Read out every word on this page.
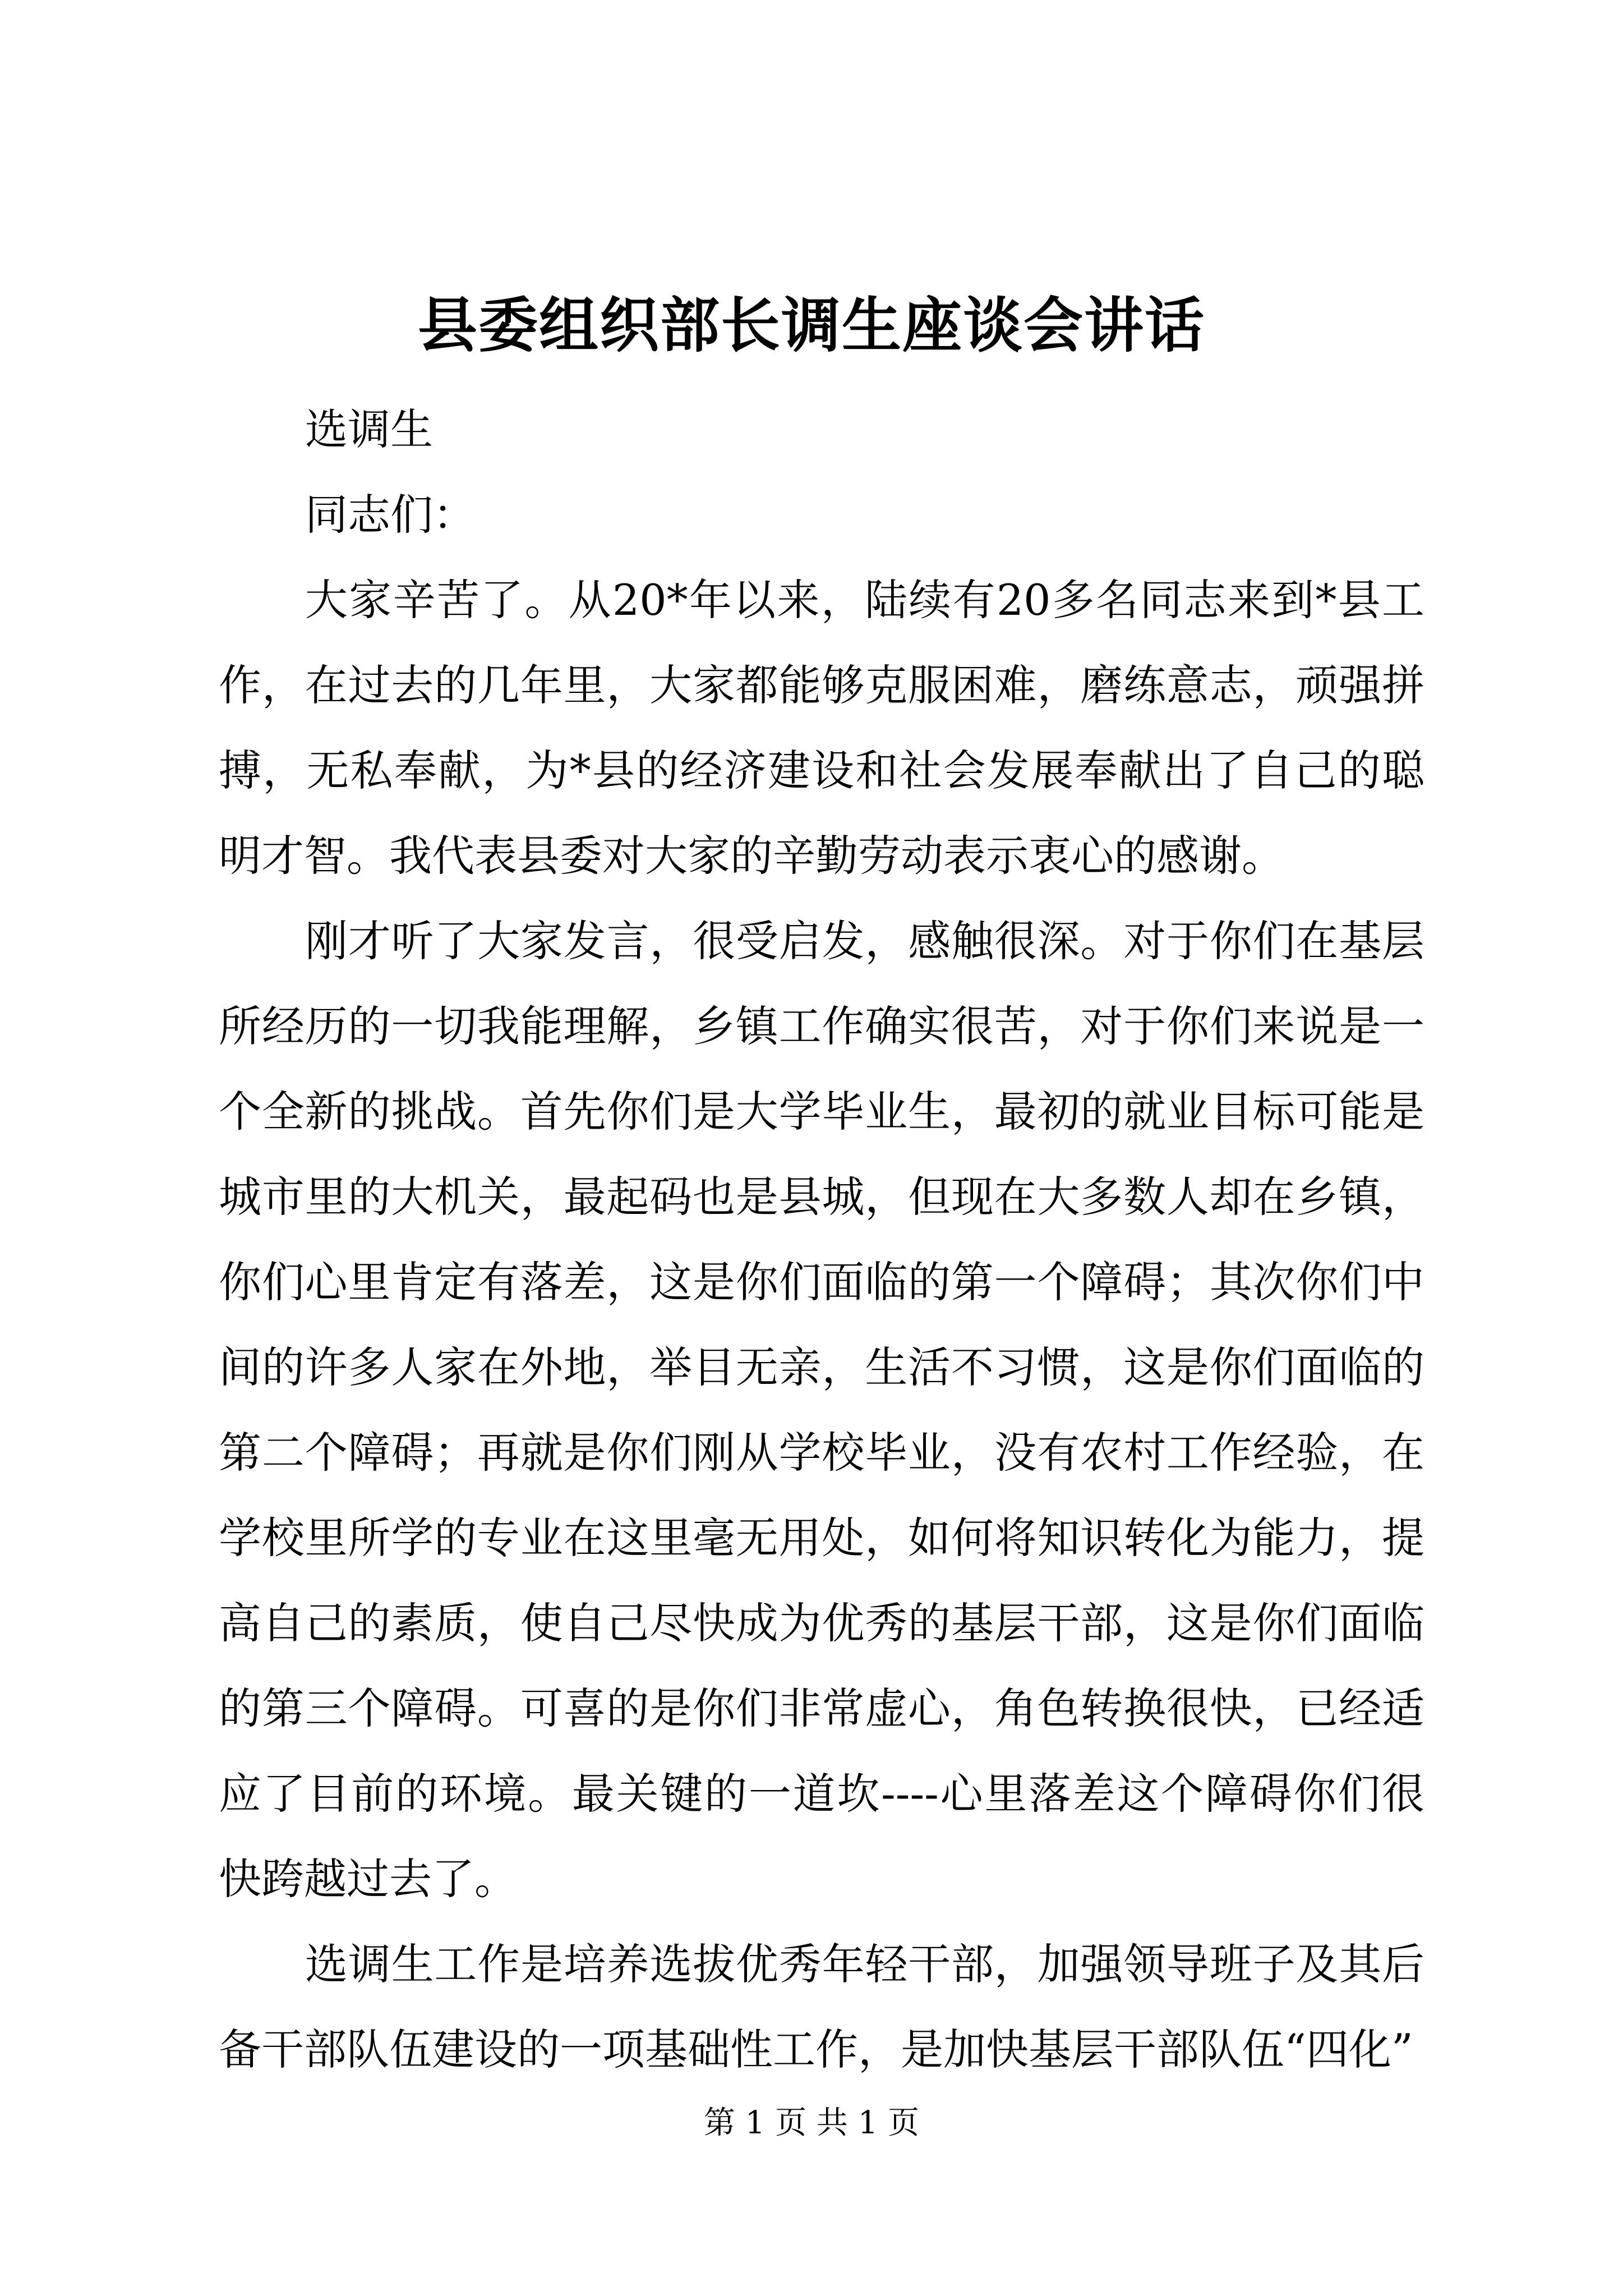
县委组织部长调生座谈会讲话

选调生

同志们：

大家辛苦了。从20*年以来，陆续有20多名同志来到*县工作，在过去的几年里，大家都能够克服困难，磨练意志，顽强拼搏，无私奉献，为*县的经济建设和社会发展奉献出了自己的聪明才智。我代表县委对大家的辛勤劳动表示衷心的感谢。

刚才听了大家发言，很受启发，感触很深。对于你们在基层所经历的一切我能理解，乡镇工作确实很苦，对于你们来说是一个全新的挑战。首先你们是大学毕业生，最初的就业目标可能是城市里的大机关，最起码也是县城，但现在大多数人却在乡镇，你们心里肯定有落差，这是你们面临的第一个障碍；其次你们中间的许多人家在外地，举目无亲，生活不习惯，这是你们面临的第二个障碍；再就是你们刚从学校毕业，没有农村工作经验，在学校里所学的专业在这里毫无用处，如何将知识转化为能力，提高自己的素质，使自己尽快成为优秀的基层干部，这是你们面临的第三个障碍。可喜的是你们非常虚心，角色转换很快，已经适应了目前的环境。最关键的一道坎----心里落差这个障碍你们很快跨越过去了。

选调生工作是培养选拔优秀年轻干部，加强领导班子及其后备干部队伍建设的一项基础性工作，是加快基层干部队伍“四化”

第 1 页 共 1 页
